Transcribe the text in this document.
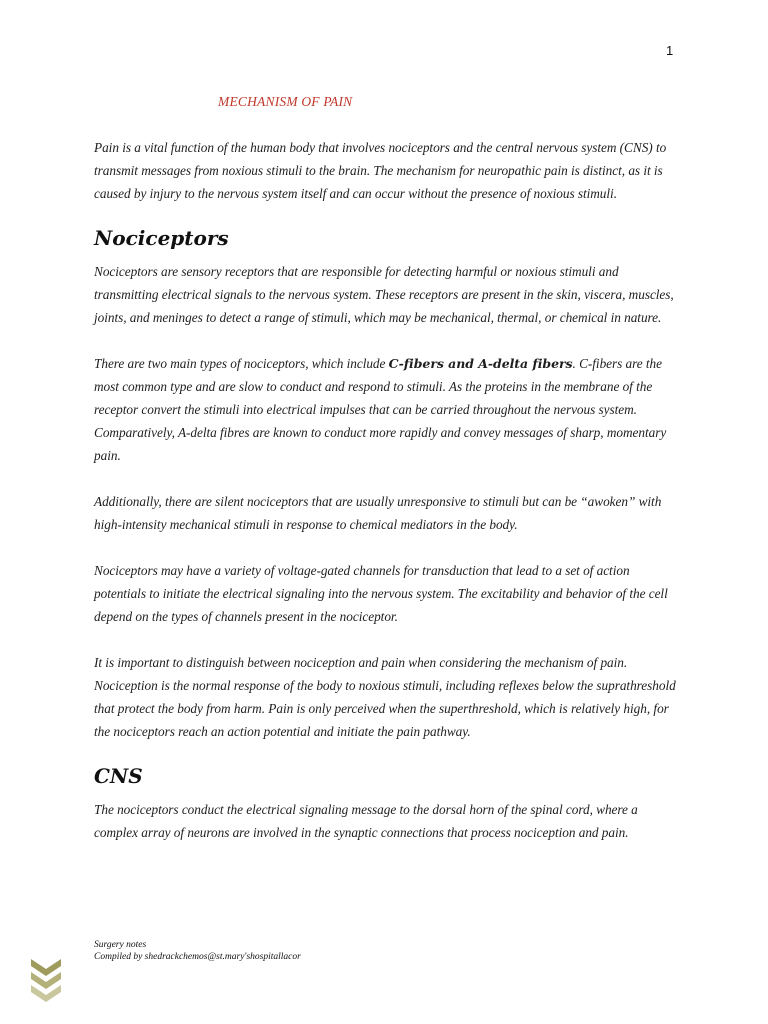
1
MECHANISM OF PAIN

Pain is a vital function of the human body that involves nociceptors and the central nervous system (CNS) to transmit messages from noxious stimuli to the brain. The mechanism for neuropathic pain is distinct, as it is caused by injury to the nervous system itself and can occur without the presence of noxious stimuli.

Nociceptors

Nociceptors are sensory receptors that are responsible for detecting harmful or noxious stimuli and transmitting electrical signals to the nervous system. These receptors are present in the skin, viscera, muscles, joints, and meninges to detect a range of stimuli, which may be mechanical, thermal, or chemical in nature.

There are two main types of nociceptors, which include C-fibers and A-delta fibers. C-fibers are the most common type and are slow to conduct and respond to stimuli. As the proteins in the membrane of the receptor convert the stimuli into electrical impulses that can be carried throughout the nervous system. Comparatively, A-delta fibres are known to conduct more rapidly and convey messages of sharp, momentary pain.

Additionally, there are silent nociceptors that are usually unresponsive to stimuli but can be “awoken” with high-intensity mechanical stimuli in response to chemical mediators in the body.

Nociceptors may have a variety of voltage-gated channels for transduction that lead to a set of action potentials to initiate the electrical signaling into the nervous system. The excitability and behavior of the cell depend on the types of channels present in the nociceptor.

It is important to distinguish between nociception and pain when considering the mechanism of pain. Nociception is the normal response of the body to noxious stimuli, including reflexes below the suprathreshold that protect the body from harm. Pain is only perceived when the superthreshold, which is relatively high, for the nociceptors reach an action potential and initiate the pain pathway.

CNS

The nociceptors conduct the electrical signaling message to the dorsal horn of the spinal cord, where a complex array of neurons are involved in the synaptic connections that process nociception and pain.

Surgery notes
Compiled by shedrackchemos@st.mary'shospitallacor
